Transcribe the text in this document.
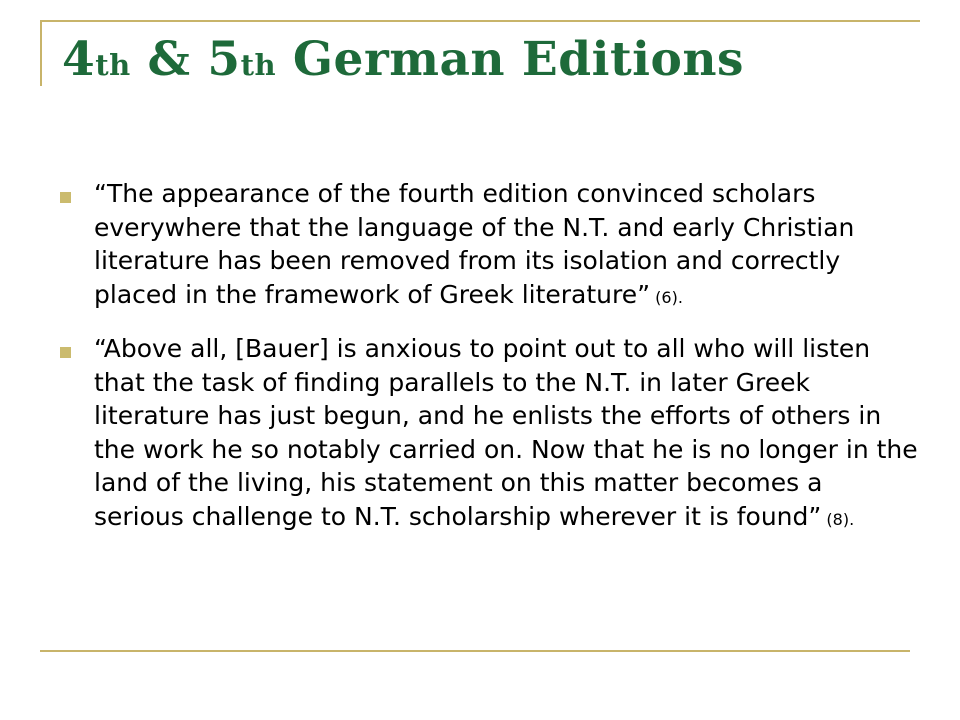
4th & 5th German Editions
“The appearance of the fourth edition convinced scholars everywhere that the language of the N.T. and early Christian literature has been removed from its isolation and correctly placed in the framework of Greek literature” (6).
“Above all, [Bauer] is anxious to point out to all who will listen that the task of finding parallels to the N.T. in later Greek literature has just begun, and he enlists the efforts of others in the work he so notably carried on. Now that he is no longer in the land of the living, his statement on this matter becomes a serious challenge to N.T. scholarship wherever it is found” (8).
